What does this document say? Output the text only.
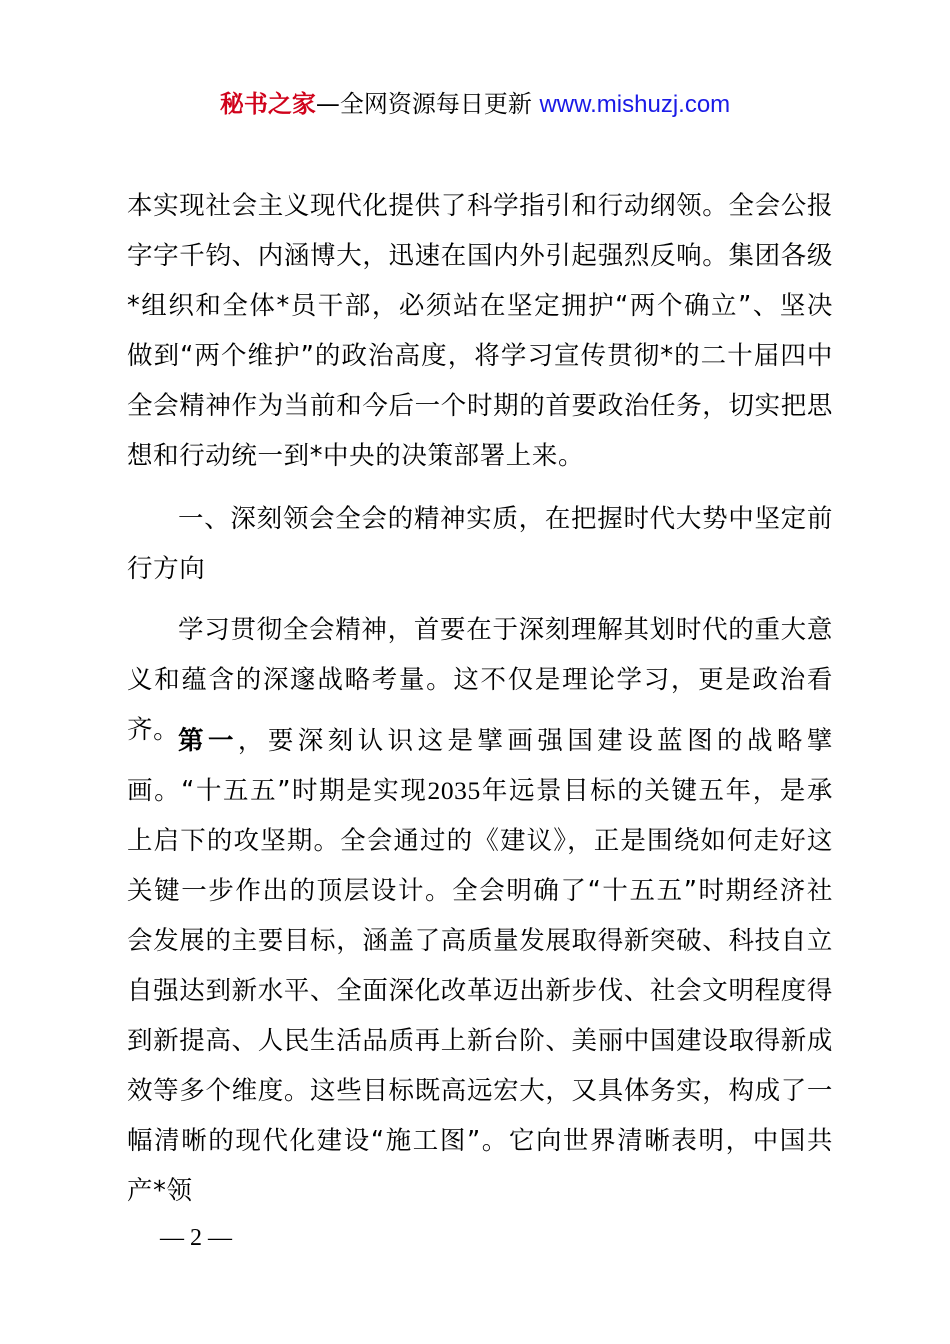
秘书之家—全网资源每日更新 www.mishuzj.com

本实现社会主义现代化提供了科学指引和行动纲领。全会公报字字千钧、内涵博大，迅速在国内外引起强烈反响。集团各级*组织和全体*员干部，必须站在坚定拥护“两个确立”、坚决做到“两个维护”的政治高度，将学习宣传贯彻*的二十届四中全会精神作为当前和今后一个时期的首要政治任务，切实把思想和行动统一到*中央的决策部署上来。

一、深刻领会全会的精神实质，在把握时代大势中坚定前行方向

学习贯彻全会精神，首要在于深刻理解其划时代的重大意义和蕴含的深邃战略考量。这不仅是理论学习，更是政治看齐。

第一，要深刻认识这是擘画强国建设蓝图的战略擘画。“十五五”时期是实现2035年远景目标的关键五年，是承上启下的攻坚期。全会通过的《建议》，正是围绕如何走好这关键一步作出的顶层设计。全会明确了“十五五”时期经济社会发展的主要目标，涵盖了高质量发展取得新突破、科技自立自强达到新水平、全面深化改革迈出新步伐、社会文明程度得到新提高、人民生活品质再上新台阶、美丽中国建设取得新成效等多个维度。这些目标既高远宏大，又具体务实，构成了一幅清晰的现代化建设“施工图”。它向世界清晰表明，中国共产*领

— 2 —
